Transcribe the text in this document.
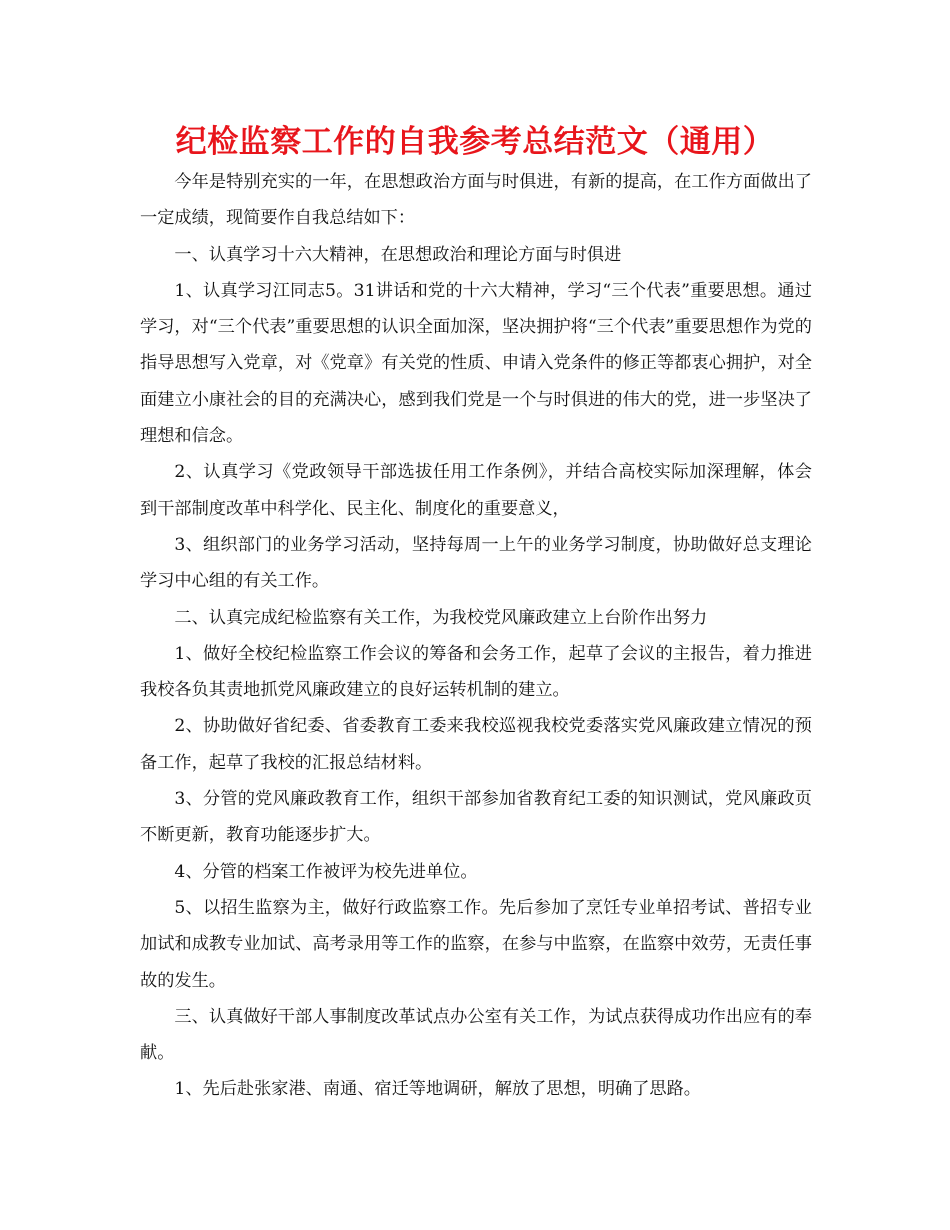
纪检监察工作的自我参考总结范文（通用）

今年是特别充实的一年，在思想政治方面与时俱进，有新的提高，在工作方面做出了一定成绩，现简要作自我总结如下：

一、认真学习十六大精神，在思想政治和理论方面与时俱进

1、认真学习江同志5。31讲话和党的十六大精神，学习“三个代表”重要思想。通过学习，对“三个代表”重要思想的认识全面加深，坚决拥护将“三个代表”重要思想作为党的指导思想写入党章，对《党章》有关党的性质、申请入党条件的修正等都衷心拥护，对全面建立小康社会的目的充满决心，感到我们党是一个与时俱进的伟大的党，进一步坚决了理想和信念。

2、认真学习《党政领导干部选拔任用工作条例》，并结合高校实际加深理解，体会到干部制度改革中科学化、民主化、制度化的重要意义，

3、组织部门的业务学习活动，坚持每周一上午的业务学习制度，协助做好总支理论学习中心组的有关工作。

二、认真完成纪检监察有关工作，为我校党风廉政建立上台阶作出努力

1、做好全校纪检监察工作会议的筹备和会务工作，起草了会议的主报告，着力推进我校各负其责地抓党风廉政建立的良好运转机制的建立。

2、协助做好省纪委、省委教育工委来我校巡视我校党委落实党风廉政建立情况的预备工作，起草了我校的汇报总结材料。

3、分管的党风廉政教育工作，组织干部参加省教育纪工委的知识测试，党风廉政页不断更新，教育功能逐步扩大。

4、分管的档案工作被评为校先进单位。

5、以招生监察为主，做好行政监察工作。先后参加了烹饪专业单招考试、普招专业加试和成教专业加试、高考录用等工作的监察，在参与中监察，在监察中效劳，无责任事故的发生。

三、认真做好干部人事制度改革试点办公室有关工作，为试点获得成功作出应有的奉献。

1、先后赴张家港、南通、宿迁等地调研，解放了思想，明确了思路。
